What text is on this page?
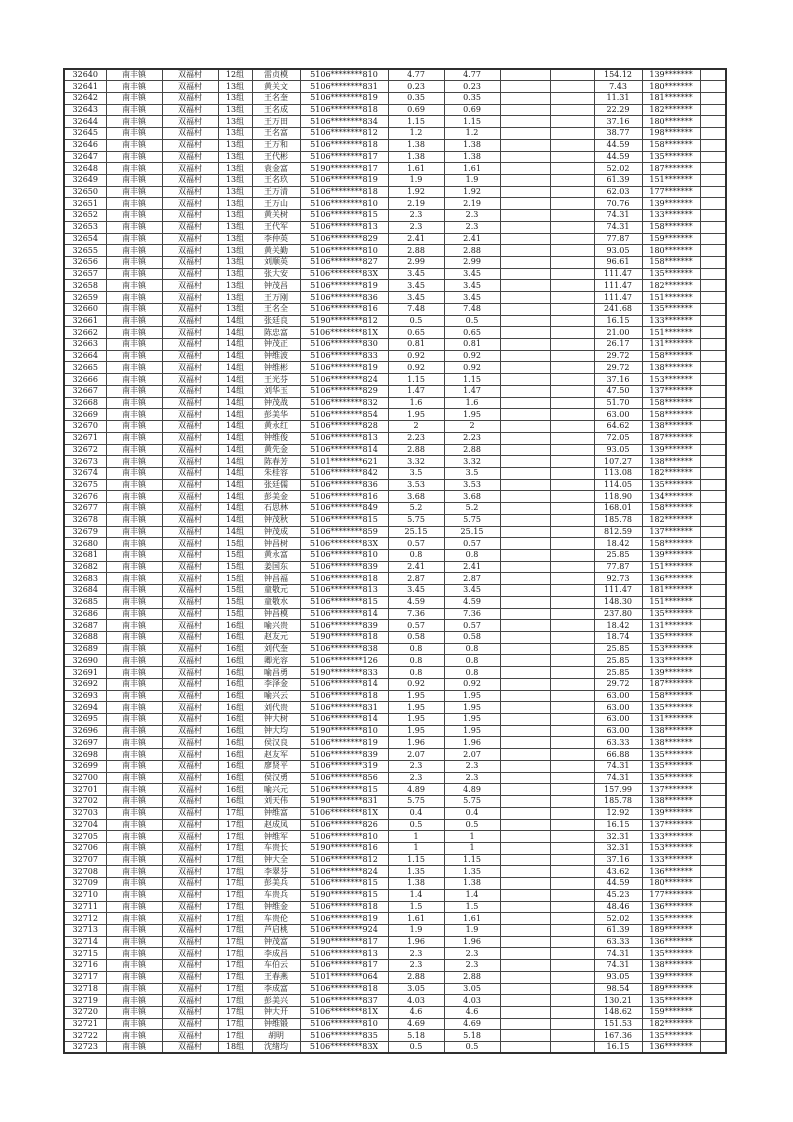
32640	南丰镇	双福村	12组	雷贞模	5106********810	4.77	4.77			154.12	139*******	
32641	南丰镇	双福村	13组	黄关文	5106********831	0.23	0.23			7.43	180*******	
32642	南丰镇	双福村	13组	王名奎	5106********819	0.35	0.35			11.31	181*******	
32643	南丰镇	双福村	13组	王名成	5106********818	0.69	0.69			22.29	182*******	
32644	南丰镇	双福村	13组	王万田	5106********834	1.15	1.15			37.16	180*******	
32645	南丰镇	双福村	13组	王名富	5106********812	1.2	1.2			38.77	198*******	
32646	南丰镇	双福村	13组	王万和	5106********818	1.38	1.38			44.59	158*******	
32647	南丰镇	双福村	13组	王代彬	5106********817	1.38	1.38			44.59	135*******	
32648	南丰镇	双福村	13组	袁金富	5190********817	1.61	1.61			52.02	187*******	
32649	南丰镇	双福村	13组	王名玖	5106********819	1.9	1.9			61.39	151*******	
32650	南丰镇	双福村	13组	王万清	5106********818	1.92	1.92			62.03	177*******	
32651	南丰镇	双福村	13组	王万山	5106********810	2.19	2.19			70.76	139*******	
32652	南丰镇	双福村	13组	黄关树	5106********815	2.3	2.3			74.31	133*******	
32653	南丰镇	双福村	13组	王代军	5106********813	2.3	2.3			74.31	158*******	
32654	南丰镇	双福村	13组	李仲英	5106********829	2.41	2.41			77.87	159*******	
32655	南丰镇	双福村	13组	黄关勤	5106********810	2.88	2.88			93.05	180*******	
32656	南丰镇	双福村	13组	刘顺英	5106********827	2.99	2.99			96.61	158*******	
32657	南丰镇	双福村	13组	张大安	5106********83X	3.45	3.45			111.47	135*******	
32658	南丰镇	双福村	13组	钟茂昌	5106********819	3.45	3.45			111.47	182*******	
32659	南丰镇	双福村	13组	王万刚	5106********836	3.45	3.45			111.47	151*******	
32660	南丰镇	双福村	13组	王名全	5106********816	7.48	7.48			241.68	135*******	
32661	南丰镇	双福村	14组	张廷良	5190********812	0.5	0.5			16.15	133*******	
32662	南丰镇	双福村	14组	陈忠富	5106********81X	0.65	0.65			21.00	151*******	
32663	南丰镇	双福村	14组	钟茂正	5106********830	0.81	0.81			26.17	131*******	
32664	南丰镇	双福村	14组	钟维波	5106********833	0.92	0.92			29.72	158*******	
32665	南丰镇	双福村	14组	钟维彬	5106********819	0.92	0.92			29.72	138*******	
32666	南丰镇	双福村	14组	王光芬	5106********824	1.15	1.15			37.16	153*******	
32667	南丰镇	双福村	14组	刘华玉	5106********829	1.47	1.47			47.50	137*******	
32668	南丰镇	双福村	14组	钟茂战	5106********832	1.6	1.6			51.70	158*******	
32669	南丰镇	双福村	14组	彭美华	5106********854	1.95	1.95			63.00	158*******	
32670	南丰镇	双福村	14组	黄永红	5106********828	2	2			64.62	138*******	
32671	南丰镇	双福村	14组	钟维俊	5106********813	2.23	2.23			72.05	187*******	
32672	南丰镇	双福村	14组	黄先金	5106********814	2.88	2.88			93.05	139*******	
32673	南丰镇	双福村	14组	陈春芳	5101********621	3.32	3.32			107.27	138*******	
32674	南丰镇	双福村	14组	朱桂容	5106********842	3.5	3.5			113.08	182*******	
32675	南丰镇	双福村	14组	张廷儒	5106********836	3.53	3.53			114.05	135*******	
32676	南丰镇	双福村	14组	彭美金	5106********816	3.68	3.68			118.90	134*******	
32677	南丰镇	双福村	14组	石思林	5106********849	5.2	5.2			168.01	158*******	
32678	南丰镇	双福村	14组	钟茂秋	5106********815	5.75	5.75			185.78	182*******	
32679	南丰镇	双福村	14组	钟茂成	5106********859	25.15	25.15			812.59	137*******	
32680	南丰镇	双福村	15组	钟昌树	5106********83X	0.57	0.57			18.42	158*******	
32681	南丰镇	双福村	15组	黄永富	5106********810	0.8	0.8			25.85	139*******	
32682	南丰镇	双福村	15组	姜国东	5106********839	2.41	2.41			77.87	151*******	
32683	南丰镇	双福村	15组	钟昌福	5106********818	2.87	2.87			92.73	136*******	
32684	南丰镇	双福村	15组	童敬元	5106********813	3.45	3.45			111.47	181*******	
32685	南丰镇	双福村	15组	童敬水	5106********815	4.59	4.59			148.30	151*******	
32686	南丰镇	双福村	15组	钟昌模	5106********814	7.36	7.36			237.80	135*******	
32687	南丰镇	双福村	16组	喻兴贵	5106********839	0.57	0.57			18.42	131*******	
32688	南丰镇	双福村	16组	赵友元	5190********818	0.58	0.58			18.74	135*******	
32689	南丰镇	双福村	16组	刘代奎	5106********838	0.8	0.8			25.85	153*******	
32690	南丰镇	双福村	16组	卿光容	5106********126	0.8	0.8			25.85	133*******	
32691	南丰镇	双福村	16组	喻昌勇	5190********833	0.8	0.8			25.85	139*******	
32692	南丰镇	双福村	16组	李泽金	5106********814	0.92	0.92			29.72	187*******	
32693	南丰镇	双福村	16组	喻兴云	5106********818	1.95	1.95			63.00	158*******	
32694	南丰镇	双福村	16组	刘代贵	5106********831	1.95	1.95			63.00	135*******	
32695	南丰镇	双福村	16组	钟大树	5106********814	1.95	1.95			63.00	131*******	
32696	南丰镇	双福村	16组	钟大均	5190********810	1.95	1.95			63.00	138*******	
32697	南丰镇	双福村	16组	侯汉良	5106********819	1.96	1.96			63.33	138*******	
32698	南丰镇	双福村	16组	赵友军	5106********839	2.07	2.07			66.88	135*******	
32699	南丰镇	双福村	16组	廖贤平	5106********319	2.3	2.3			74.31	135*******	
32700	南丰镇	双福村	16组	侯汉勇	5106********856	2.3	2.3			74.31	135*******	
32701	南丰镇	双福村	16组	喻兴元	5106********815	4.89	4.89			157.99	137*******	
32702	南丰镇	双福村	16组	刘天伟	5190********831	5.75	5.75			185.78	138*******	
32703	南丰镇	双福村	17组	钟维富	5106********81X	0.4	0.4			12.92	139*******	
32704	南丰镇	双福村	17组	赵成凤	5106********826	0.5	0.5			16.15	137*******	
32705	南丰镇	双福村	17组	钟维军	5106********810	1	1			32.31	133*******	
32706	南丰镇	双福村	17组	车贵长	5190********816	1	1			32.31	153*******	
32707	南丰镇	双福村	17组	钟大全	5106********812	1.15	1.15			37.16	133*******	
32708	南丰镇	双福村	17组	李翠芬	5106********824	1.35	1.35			43.62	136*******	
32709	南丰镇	双福村	17组	彭美兵	5106********815	1.38	1.38			44.59	180*******	
32710	南丰镇	双福村	17组	车贵兵	5190********815	1.4	1.4			45.23	177*******	
32711	南丰镇	双福村	17组	钟维金	5106********818	1.5	1.5			48.46	136*******	
32712	南丰镇	双福村	17组	车贵伦	5106********819	1.61	1.61			52.02	135*******	
32713	南丰镇	双福村	17组	芦启桃	5106********924	1.9	1.9			61.39	189*******	
32714	南丰镇	双福村	17组	钟茂富	5190********817	1.96	1.96			63.33	136*******	
32715	南丰镇	双福村	17组	李成昌	5106********813	2.3	2.3			74.31	135*******	
32716	南丰镇	双福村	17组	车伯云	5106********817	2.3	2.3			74.31	138*******	
32717	南丰镇	双福村	17组	王春燕	5101********064	2.88	2.88			93.05	139*******	
32718	南丰镇	双福村	17组	李成富	5106********818	3.05	3.05			98.54	189*******	
32719	南丰镇	双福村	17组	彭美兴	5106********837	4.03	4.03			130.21	135*******	
32720	南丰镇	双福村	17组	钟大开	5106********81X	4.6	4.6			148.62	159*******	
32721	南丰镇	双福村	17组	钟维锻	5106********810	4.69	4.69			151.53	182*******	
32722	南丰镇	双福村	17组	胡明	5106********835	5.18	5.18			167.36	135*******	
32723	南丰镇	双福村	18组	沈绪均	5106********83X	0.5	0.5			16.15	136*******	
